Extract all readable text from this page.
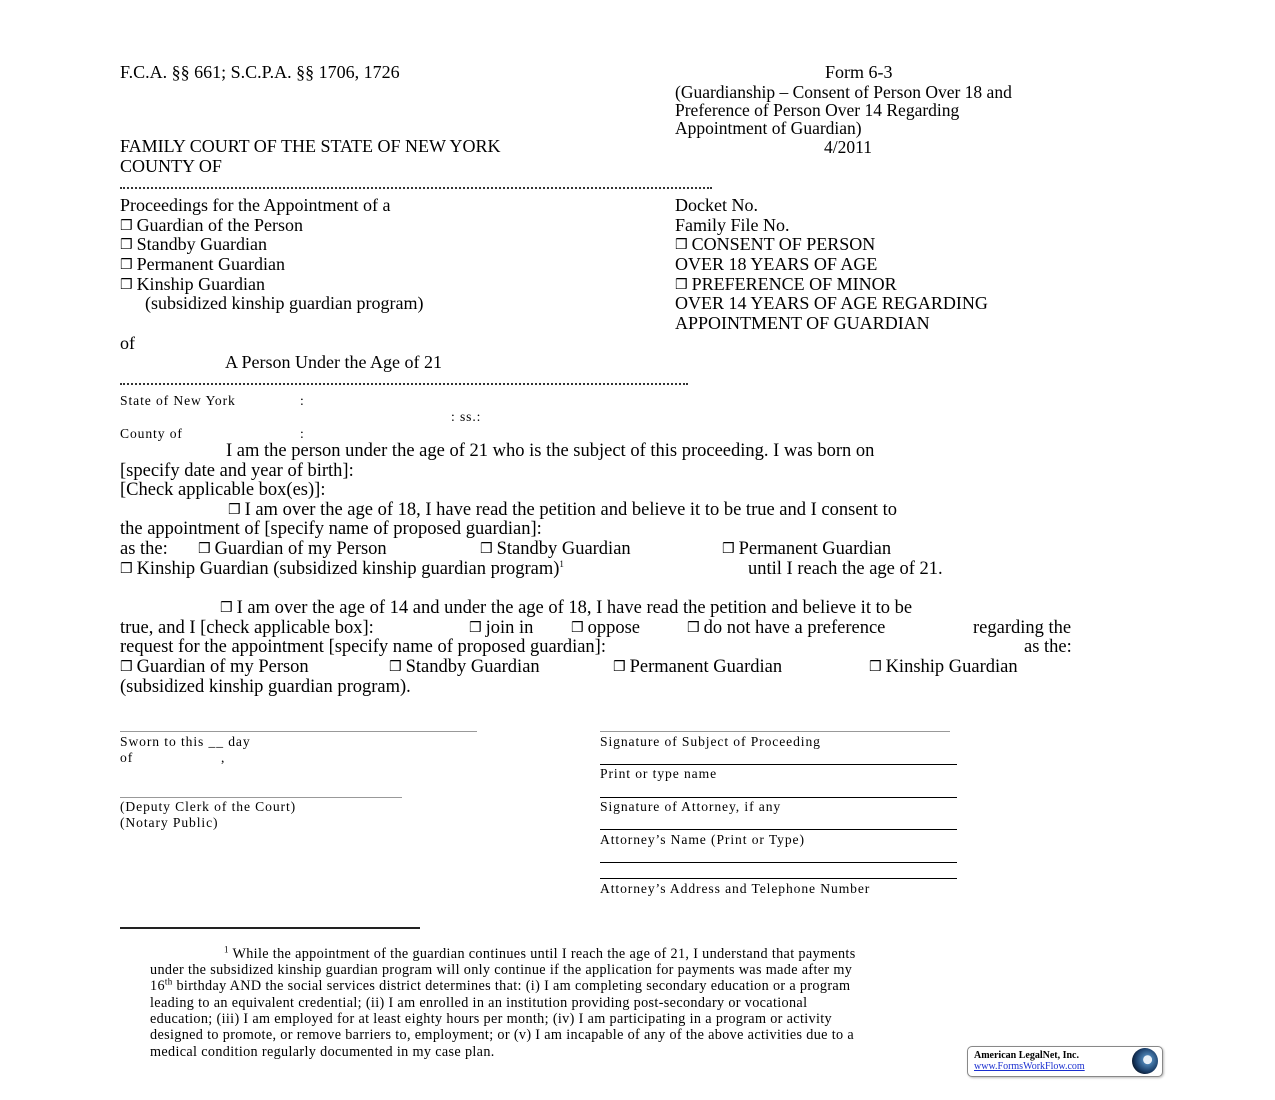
F.C.A. §§ 661; S.C.P.A. §§ 1706, 1726	Form 6-3
(Guardianship – Consent of Person Over 18 and
Preference of Person Over 14 Regarding
Appointment of Guardian)
4/2011
FAMILY COURT OF THE STATE OF NEW YORK
COUNTY OF
Proceedings for the Appointment of a
❒ Guardian of the Person
❒ Standby Guardian
❒ Permanent Guardian
❒ Kinship Guardian
(subsidized kinship guardian program)
of
A Person Under the Age of 21
Docket No.
Family File No.
❒ CONSENT OF PERSON
OVER 18 YEARS OF AGE
❒ PREFERENCE OF MINOR
OVER 14 YEARS OF AGE REGARDING
APPOINTMENT OF GUARDIAN
State of New York	:
: ss.:
County of	:
I am the person under the age of 21 who is the subject of this proceeding. I was born on
[specify date and year of birth]:
[Check applicable box(es)]:
❒ I am over the age of 18, I have read the petition and believe it to be true and I consent to
the appointment of [specify name of proposed guardian]:
as the: ❒ Guardian of my Person	❒ Standby Guardian	❒ Permanent Guardian
❒ Kinship Guardian (subsidized kinship guardian program)$^1$	until I reach the age of 21.
❒ I am over the age of 14 and under the age of 18, I have read the petition and believe it to be
true, and I [check applicable box]:	❒ join in	❒ oppose	❒ do not have a preference	regarding the
request for the appointment [specify name of proposed guardian]:	as the:
❒ Guardian of my Person	❒ Standby Guardian	❒ Permanent Guardian	❒ Kinship Guardian
(subsidized kinship guardian program).
Sworn to this __ day
of	,
(Deputy Clerk of the Court)
(Notary Public)
Signature of Subject of Proceeding
Print or type name
Signature of Attorney, if any
Attorney’s Name (Print or Type)
Attorney’s Address and Telephone Number
$^1$ While the appointment of the guardian continues until I reach the age of 21, I understand that payments
under the subsidized kinship guardian program will only continue if the application for payments was made after my
16th birthday AND the social services district determines that: (i) I am completing secondary education or a program
leading to an equivalent credential; (ii) I am enrolled in an institution providing post-secondary or vocational
education; (iii) I am employed for at least eighty hours per month; (iv) I am participating in a program or activity
designed to promote, or remove barriers to, employment; or (v) I am incapable of any of the above activities due to a
medical condition regularly documented in my case plan.	American LegalNet, Inc.
www.FormsWorkFlow.com
